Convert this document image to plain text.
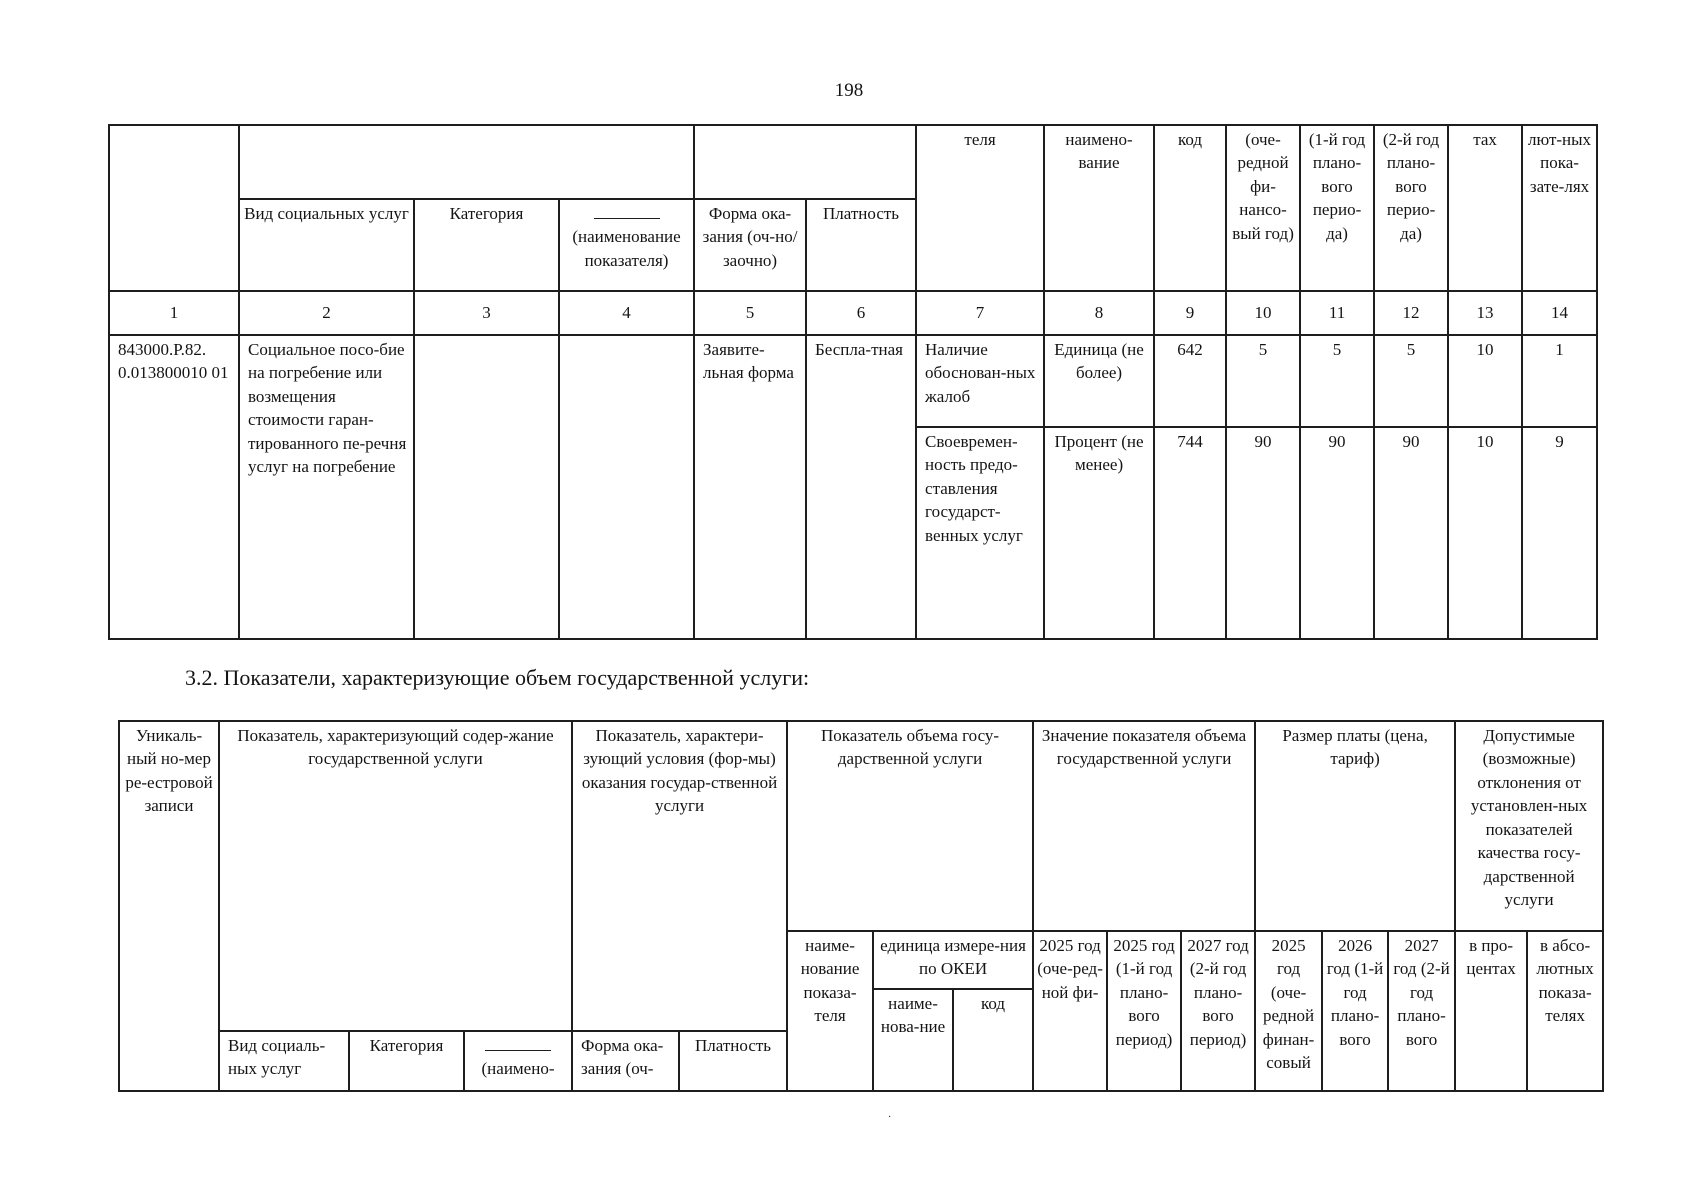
198
						теля	наимено-вание	код	(оче-редной фи-нансо-вый год)	(1-й год плано-вого перио-да)	(2-й год плано-вого перио-да)	тах	лют-ных пока-зате-лях
	Вид социальных услуг	Категория	(наименование показателя)	Форма ока-зания (оч-но/заочно)	Платность								
1	2	3	4	5	6	7	8	9	10	11	12	13	14
843000.Р.82. 0.013800010 01	Социальное посо-бие на погребение или возмещения стоимости гаран-тированного пе-речня услуг на погребение			Заявите-льная форма	Бесплa-тная	Наличие обоснован-ных жалоб	Единица (не более)	642	5	5	5	10	1
						Своевремен-ность предо-ставления государст-венных услуг	Процент (не менее)	744	90	90	90	10	9
3.2. Показатели, характеризующие объем государственной услуги:
Уникаль-ный но-мер ре-естровой записи	Показатель, характеризующий содер-жание государственной услуги			Показатель, характери-зующий условия (фор-мы) оказания государ-ственной услуги		Показатель объема госу-дарственной услуги			Значение показателя объема государственной услуги			Размер платы (цена, тариф)			Допустимые (возможные) отклонения от установлен-ных показателей качества госу-дарственной услуги	
						наиме-нование показа-теля	единица измере-ния по ОКЕИ		2025 год (оче-ред-ной фи-	2025 год (1-й год плано-вого период)	2027 год (2-й год плано-вого период)	2025 год (оче-редной финан-совый	2026 год (1-й год плано-вого	2027 год (2-й год плано-вого	в про-центах	в абсо-лютных показа-телях
							наиме-нова-ние	код								
	Вид социаль-ных услуг	Категория	(наимено-	Форма ока-зания (оч-	Платность											
·
